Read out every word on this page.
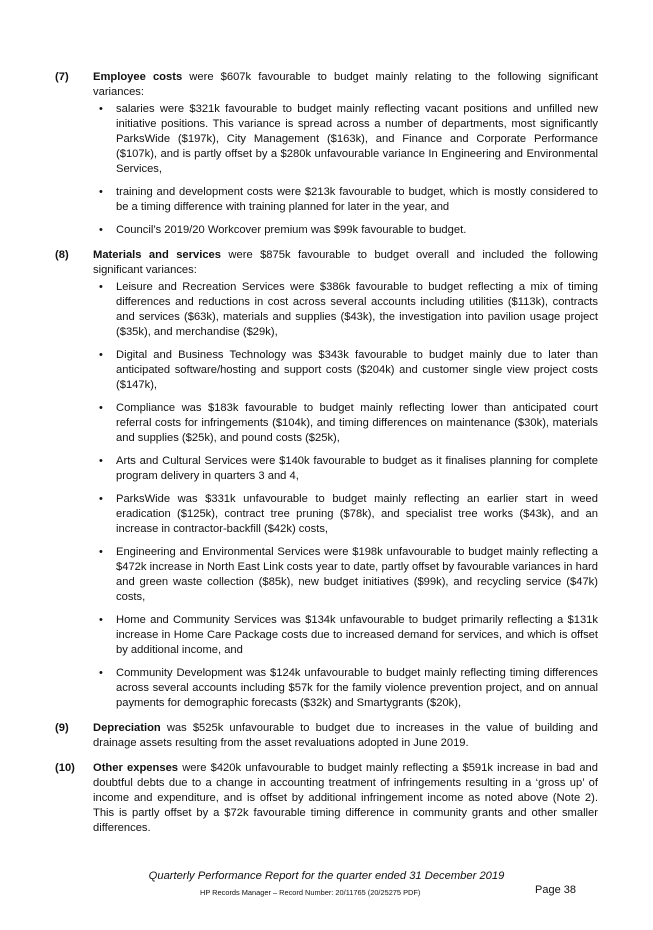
(7) Employee costs were $607k favourable to budget mainly relating to the following significant variances:

• salaries were $321k favourable to budget mainly reflecting vacant positions and unfilled new initiative positions. This variance is spread across a number of departments, most significantly ParksWide ($197k), City Management ($163k), and Finance and Corporate Performance ($107k), and is partly offset by a $280k unfavourable variance In Engineering and Environmental Services,
• training and development costs were $213k favourable to budget, which is mostly considered to be a timing difference with training planned for later in the year, and
• Council’s 2019/20 Workcover premium was $99k favourable to budget.
(8) Materials and services were $875k favourable to budget overall and included the following significant variances:

• Leisure and Recreation Services were $386k favourable to budget reflecting a mix of timing differences and reductions in cost across several accounts including utilities ($113k), contracts and services ($63k), materials and supplies ($43k), the investigation into pavilion usage project ($35k), and merchandise ($29k),
• Digital and Business Technology was $343k favourable to budget mainly due to later than anticipated software/hosting and support costs ($204k) and customer single view project costs ($147k),
• Compliance was $183k favourable to budget mainly reflecting lower than anticipated court referral costs for infringements ($104k), and timing differences on maintenance ($30k), materials and supplies ($25k), and pound costs ($25k),
• Arts and Cultural Services were $140k favourable to budget as it finalises planning for complete program delivery in quarters 3 and 4,
• ParksWide was $331k unfavourable to budget mainly reflecting an earlier start in weed eradication ($125k), contract tree pruning ($78k), and specialist tree works ($43k), and an increase in contractor-backfill ($42k) costs,
• Engineering and Environmental Services were $198k unfavourable to budget mainly reflecting a $472k increase in North East Link costs year to date, partly offset by favourable variances in hard and green waste collection ($85k), new budget initiatives ($99k), and recycling service ($47k) costs,
• Home and Community Services was $134k unfavourable to budget primarily reflecting a $131k increase in Home Care Package costs due to increased demand for services, and which is offset by additional income, and
• Community Development was $124k unfavourable to budget mainly reflecting timing differences across several accounts including $57k for the family violence prevention project, and on annual payments for demographic forecasts ($32k) and Smartygrants ($20k),
(9) Depreciation was $525k unfavourable to budget due to increases in the value of building and drainage assets resulting from the asset revaluations adopted in June 2019.

(10) Other expenses were $420k unfavourable to budget mainly reflecting a $591k increase in bad and doubtful debts due to a change in accounting treatment of infringements resulting in a ‘gross up’ of income and expenditure, and is offset by additional infringement income as noted above (Note 2). This is partly offset by a $72k favourable timing difference in community grants and other smaller differences.

Quarterly Performance Report for the quarter ended 31 December 2019
HP Records Manager – Record Number: 20/11765 (20/25275 PDF)	Page 38
